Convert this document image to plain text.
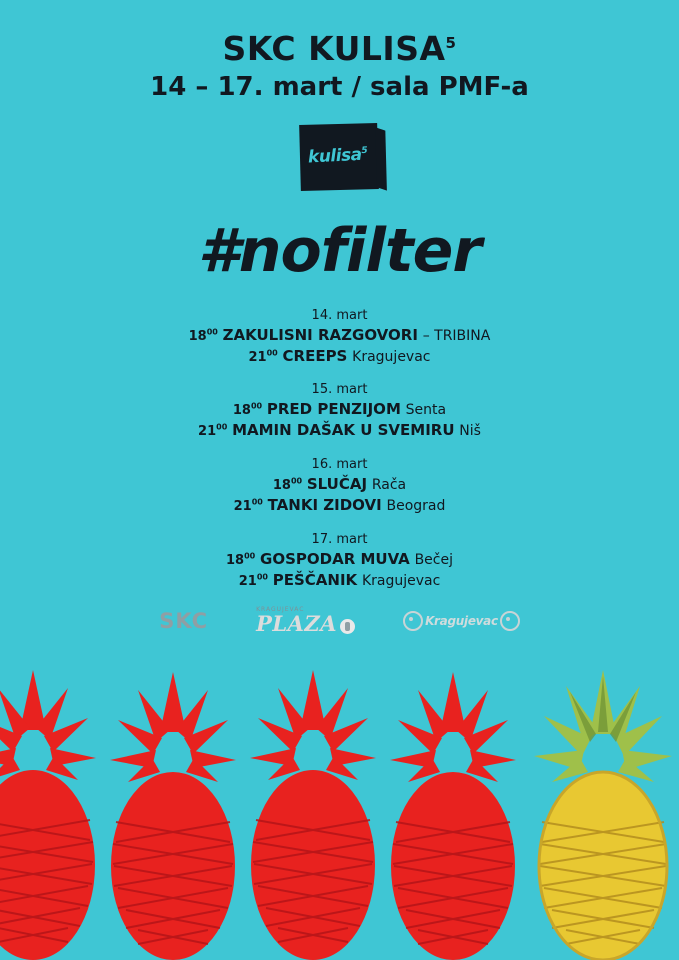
SKC KULISA$^5$
14 – 17. mart / sala PMF-a
kulisa$^5$
#nofilter
14. mart
$18^{00}$ ZAKULISNI RAZGOVORI – TRIBINA
$21^{00}$ CREEPS Kragujevac
15. mart
$18^{00}$ PRED PENZIJOM Senta
$21^{00}$ MAMIN DAŠAK U SVEMIRU Niš
16. mart
$18^{00}$ SLUČAJ Rača
$21^{00}$ TANKI ZIDOVI Beograd
17. mart
$18^{00}$ GOSPODAR MUVA Bečej
$21^{00}$ PEŠČANIK Kragujevac
SKC	KRAGUJEVAC
PLAZA	Kragujevac
